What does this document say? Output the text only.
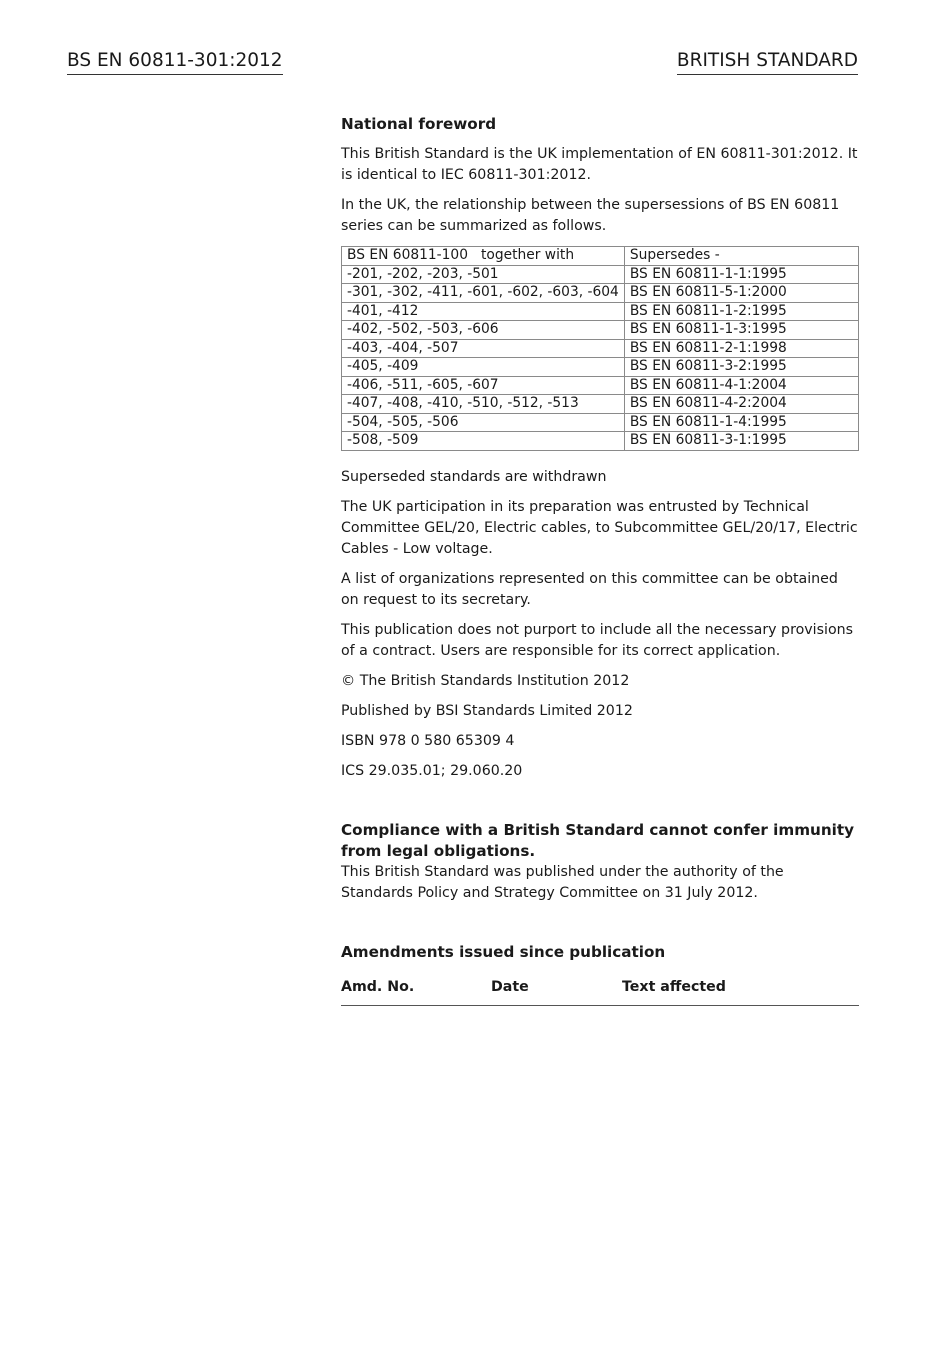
BS EN 60811-301:2012	BRITISH STANDARD
National foreword

This British Standard is the UK implementation of EN 60811-301:2012. It is identical to IEC 60811-301:2012.

In the UK, the relationship between the supersessions of BS EN 60811 series can be summarized as follows.

BS EN 60811-100 together with	Supersedes -
-201, -202, -203, -501	BS EN 60811-1-1:1995
-301, -302, -411, -601, -602, -603, -604	BS EN 60811-5-1:2000
-401, -412	BS EN 60811-1-2:1995
-402, -502, -503, -606	BS EN 60811-1-3:1995
-403, -404, -507	BS EN 60811-2-1:1998
-405, -409	BS EN 60811-3-2:1995
-406, -511, -605, -607	BS EN 60811-4-1:2004
-407, -408, -410, -510, -512, -513	BS EN 60811-4-2:2004
-504, -505, -506	BS EN 60811-1-4:1995
-508, -509	BS EN 60811-3-1:1995

Superseded standards are withdrawn

The UK participation in its preparation was entrusted by Technical Committee GEL/20, Electric cables, to Subcommittee GEL/20/17, Electric Cables - Low voltage.

A list of organizations represented on this committee can be obtained on request to its secretary.

This publication does not purport to include all the necessary provisions of a contract. Users are responsible for its correct application.

© The British Standards Institution 2012

Published by BSI Standards Limited 2012

ISBN 978 0 580 65309 4

ICS 29.035.01; 29.060.20

Compliance with a British Standard cannot confer immunity from legal obligations.

This British Standard was published under the authority of the Standards Policy and Strategy Committee on 31 July 2012.

Amendments issued since publication
Amd. No.	Date	Text affected
